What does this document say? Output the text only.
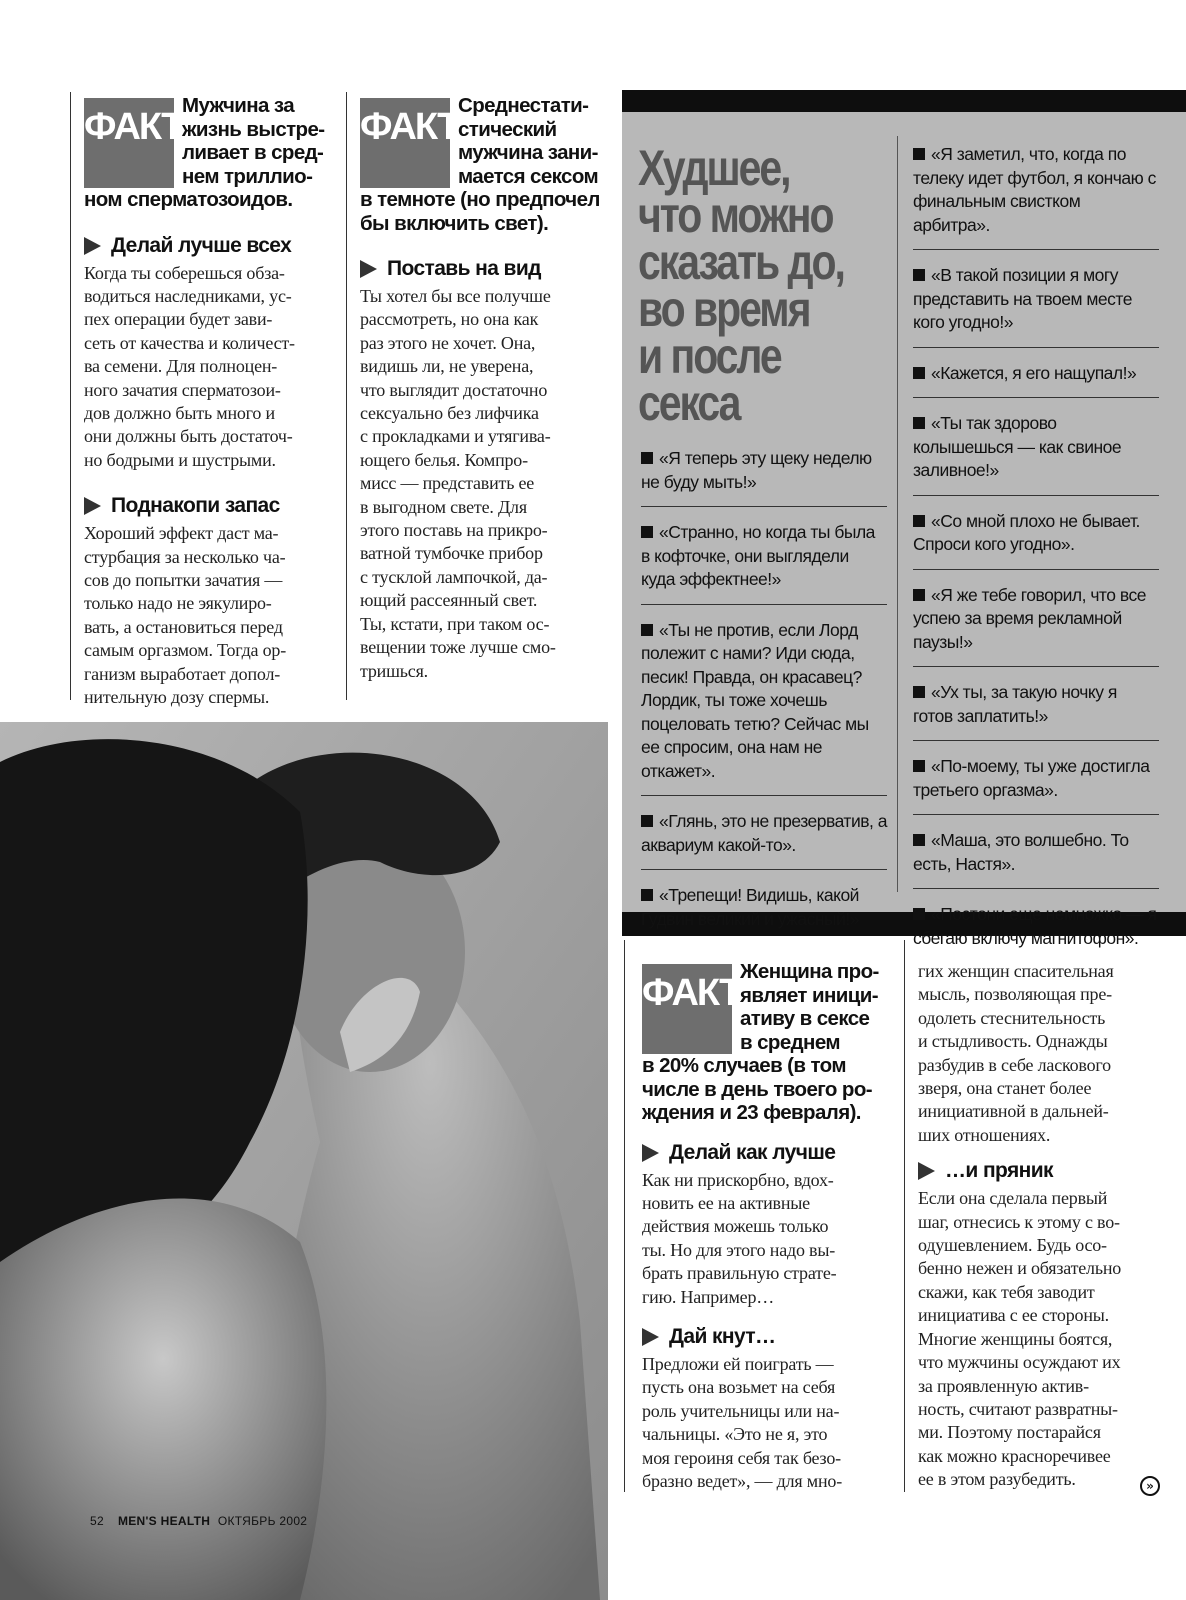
ФАКТ
Мужчина за
жизнь выстре-
ливает в сред-
нем триллио-
ном сперматозоидов.
Делай лучше всех
Когда ты соберешься обза-
водиться наследниками, ус-
пех операции будет зави-
сеть от качества и количест-
ва семени. Для полноцен-
ного зачатия сперматозои-
дов должно быть много и
они должны быть достаточ-
но бодрыми и шустрыми.
Поднакопи запас
Хороший эффект даст ма-
стурбация за несколько ча-
сов до попытки зачатия —
только надо не эякулиро-
вать, а остановиться перед
самым оргазмом. Тогда ор-
ганизм выработает допол-
нительную дозу спермы.
ФАКТ
Среднестати-
стический
мужчина зани-
мается сексом
в темноте (но предпочел
бы включить свет).
Поставь на вид
Ты хотел бы все получше
рассмотреть, но она как
раз этого не хочет. Она,
видишь ли, не уверена,
что выглядит достаточно
сексуально без лифчика
с прокладками и утягива-
ющего белья. Компро-
мисс — представить ее
в выгодном свете. Для
этого поставь на прикро-
ватной тумбочке прибор
с тусклой лампочкой, да-
ющий рассеянный свет.
Ты, кстати, при таком ос-
вещении тоже лучше смо-
тришься.
Худшее,
что можно
сказать до,
во время
и после
секса
«Я теперь эту щеку неделю не буду мыть!»
«Странно, но когда ты была в кофточке, они выглядели куда эффектнее!»
«Ты не против, если Лорд полежит с нами? Иди сюда, песик! Правда, он красавец? Лордик, ты тоже хочешь поцеловать тетю? Сейчас мы ее спросим, она нам не откажет».
«Глянь, это не презерватив, а аквариум какой-то».
«Трепещи! Видишь, какой Гудвин великий и ужасный!»
«Я заметил, что, когда по телеку идет футбол, я кончаю с финальным свистком арбитра».
«В такой позиции я могу представить на твоем месте кого угодно!»
«Кажется, я его нащупал!»
«Ты так здорово колышешься — как свиное заливное!»
«Со мной плохо не бывает. Спроси кого угодно».
«Я же тебе говорил, что все успею за время рекламной паузы!»
«Ух ты, за такую ночку я готов заплатить!»
«По-моему, ты уже достигла третьего оргазма».
«Маша, это волшебно. То есть, Настя».
«Постони еще немножко — я сбегаю включу магнитофон».
ФАКТ
Женщина про-
являет иници-
ативу в сексе
в среднем
в 20% случаев (в том
числе в день твоего ро-
ждения и 23 февраля).
Делай как лучше
Как ни прискорбно, вдох-
новить ее на активные
действия можешь только
ты. Но для этого надо вы-
брать правильную страте-
гию. Например…
Дай кнут…
Предложи ей поиграть —
пусть она возьмет на себя
роль учительницы или на-
чальницы. «Это не я, это
моя героиня себя так безо-
бразно ведет», — для мно-
гих женщин спасительная
мысль, позволяющая пре-
одолеть стеснительность
и стыдливость. Однажды
разбудив в себе ласкового
зверя, она станет более
инициативной в дальней-
ших отношениях.
…и пряник
Если она сделала первый
шаг, отнесись к этому с во-
одушевлением. Будь осо-
бенно нежен и обязательно
скажи, как тебя заводит
инициатива с ее стороны.
Многие женщины боятся,
что мужчины осуждают их
за проявленную актив-
ность, считают развратны-
ми. Поэтому постарайся
как можно красноречивее
ее в этом разубедить.	»
52 MEN'S HEALTH ОКТЯБРЬ 2002
